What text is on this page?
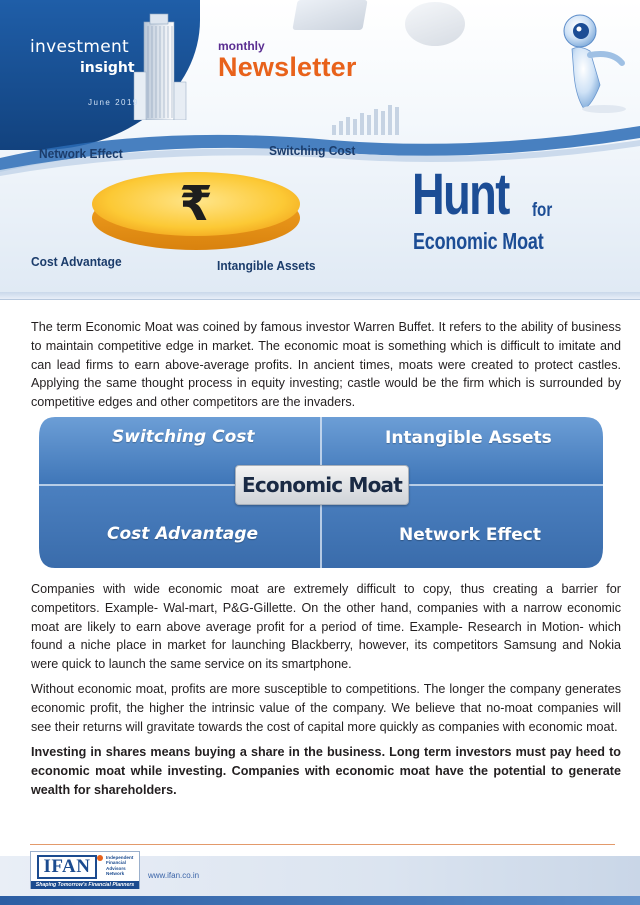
investment
insight
June 2019
monthly
Newsletter
₹
Network Effect	Switching Cost
Cost Advantage	Intangible Assets
Hunt for
Economic Moat

The term Economic Moat was coined by famous investor Warren Buffet. It refers to the ability of business to maintain competitive edge in market. The economic moat is something which is difficult to imitate and can lead firms to earn above-average profits. In ancient times, moats were created to protect castles. Applying the same thought process in equity investing; castle would be the firm which is surrounded by competitive edges and other competitors are the invaders.

Switching Cost	Intangible Assets
Cost Advantage	Network Effect
Economic Moat

Companies with wide economic moat are extremely difficult to copy, thus creating a barrier for competitors. Example- Wal-mart, P&G-Gillette. On the other hand, companies with a narrow economic moat are likely to earn above average profit for a period of time. Example- Research in Motion- which found a niche place in market for launching Blackberry, however, its competitors Samsung and Nokia were quick to launch the same service on its smartphone.

Without economic moat, profits are more susceptible to competitions. The longer the company generates economic profit, the higher the intrinsic value of the company. We believe that no-moat companies will see their returns will gravitate towards the cost of capital more quickly as companies with economic moat.

Investing in shares means buying a share in the business. Long term investors must pay heed to economic moat while investing. Companies with economic moat have the potential to generate wealth for shareholders.

IFAN	Independent Financial Advisors Network
Shaping Tomorrow's Financial Planners
www.ifan.co.in
